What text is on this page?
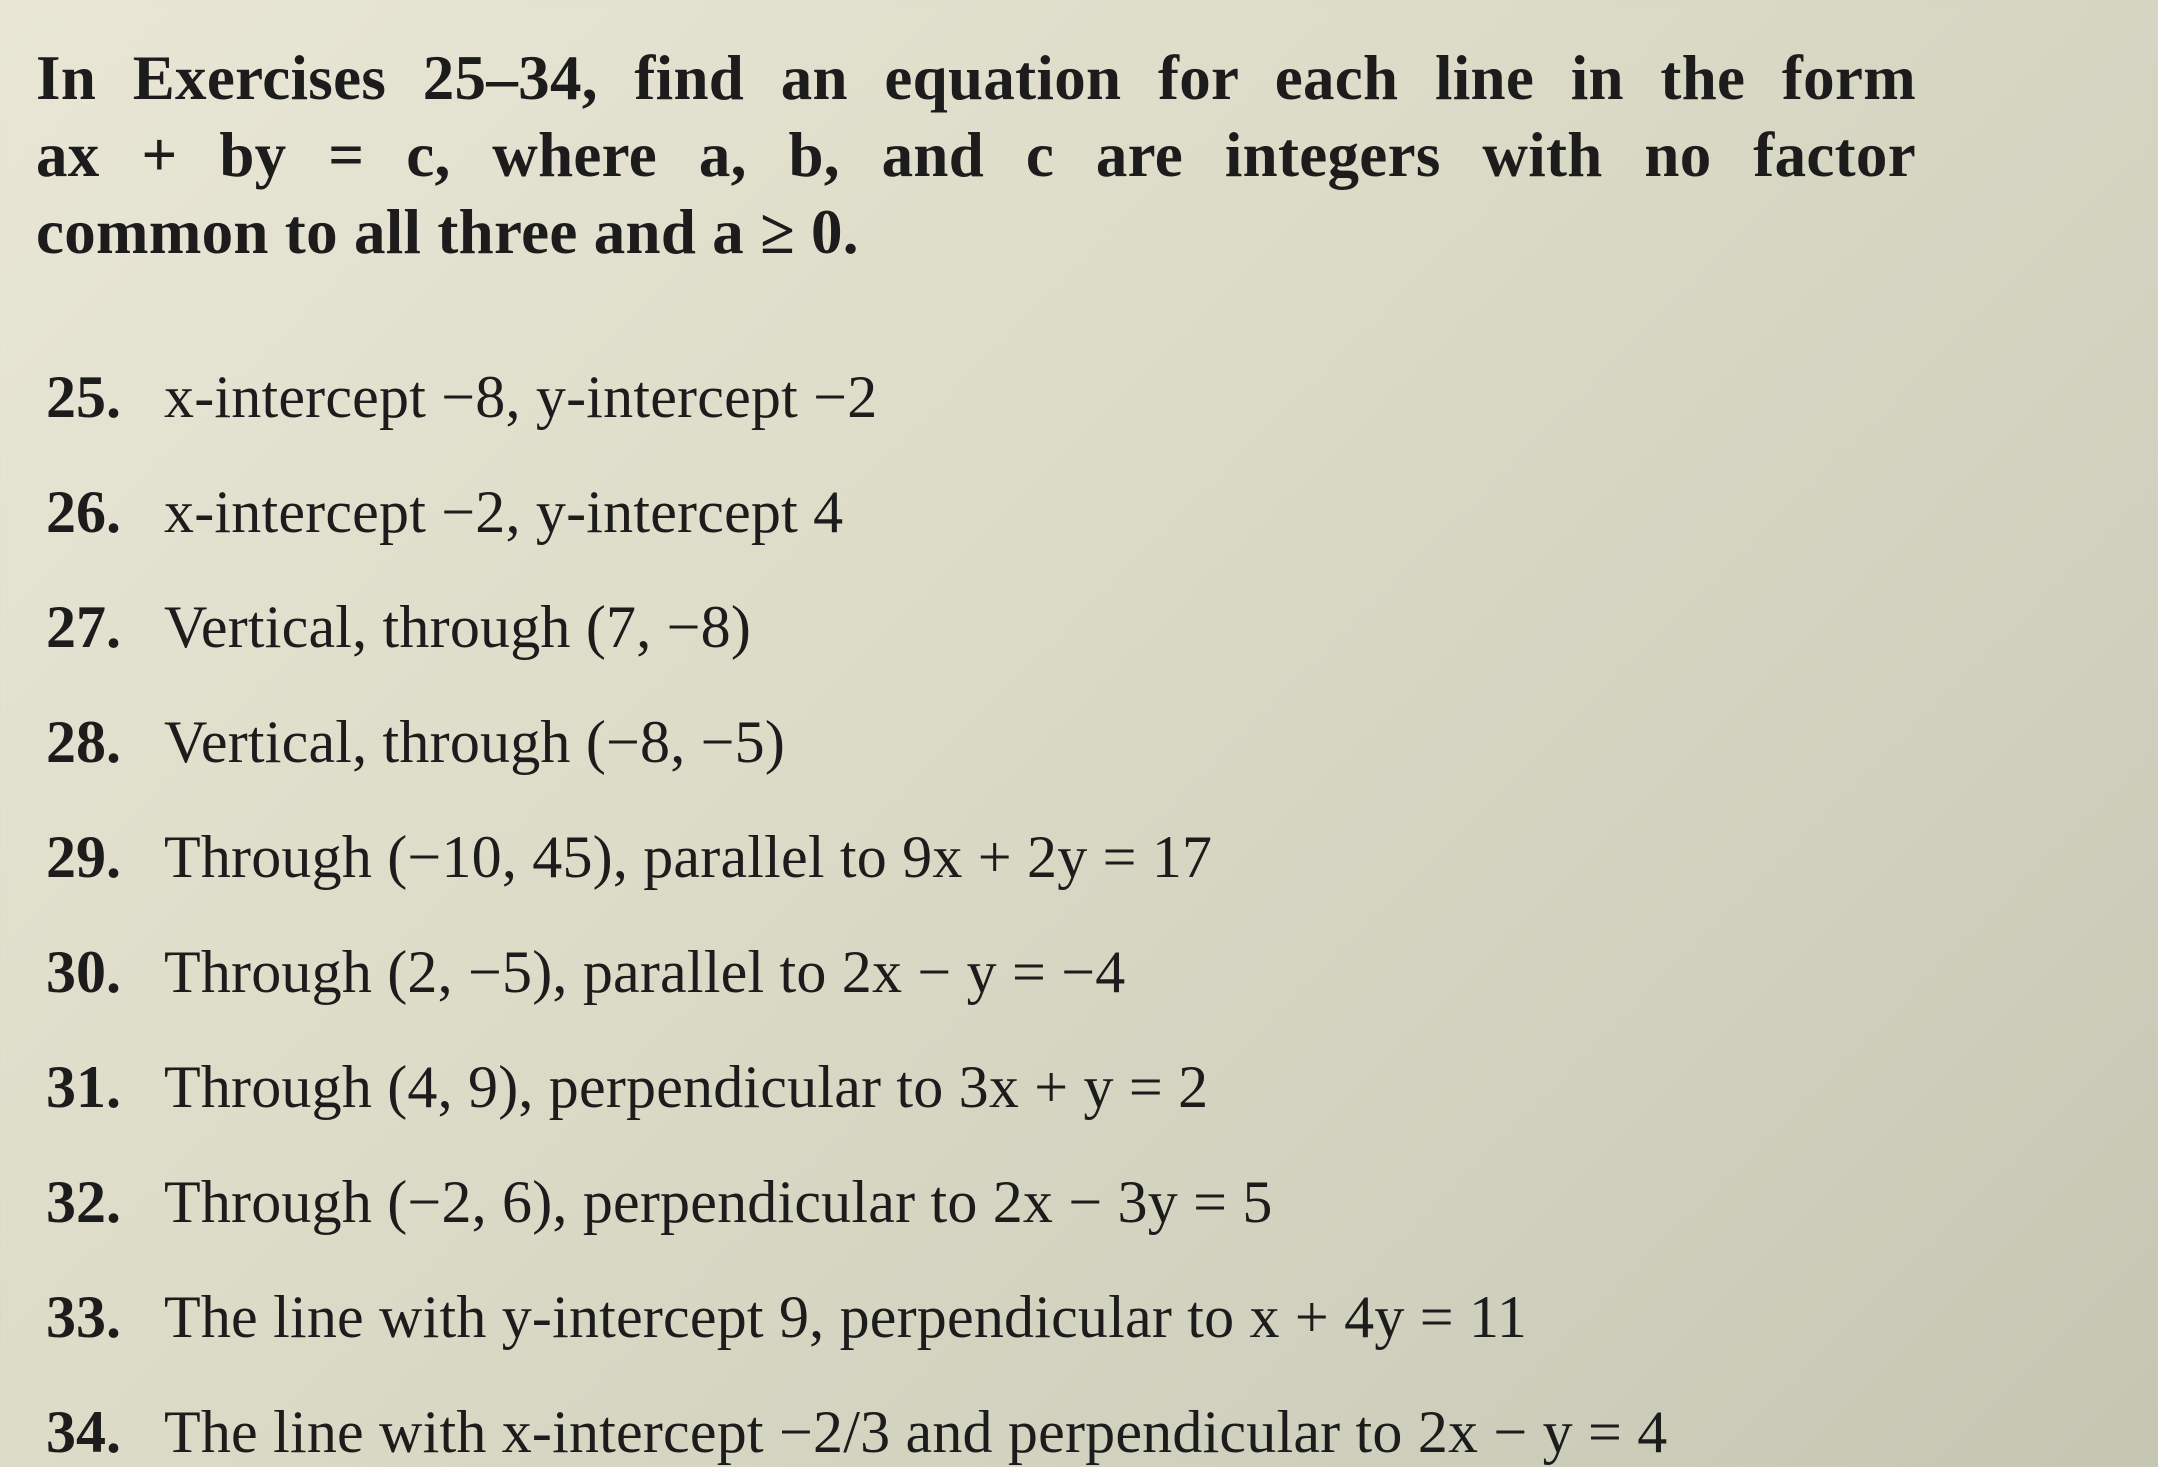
In Exercises 25–34, find an equation for each line in the form
ax + by = c, where a, b, and c are integers with no factor
common to all three and a ≥ 0.

25. x-intercept −8, y-intercept −2
26. x-intercept −2, y-intercept 4
27. Vertical, through (7, −8)
28. Vertical, through (−8, −5)
29. Through (−10, 45), parallel to 9x + 2y = 17
30. Through (2, −5), parallel to 2x − y = −4
31. Through (4, 9), perpendicular to 3x + y = 2
32. Through (−2, 6), perpendicular to 2x − 3y = 5
33. The line with y-intercept 9, perpendicular to x + 4y = 11
34. The line with x-intercept −2/3 and perpendicular to 2x − y = 4
